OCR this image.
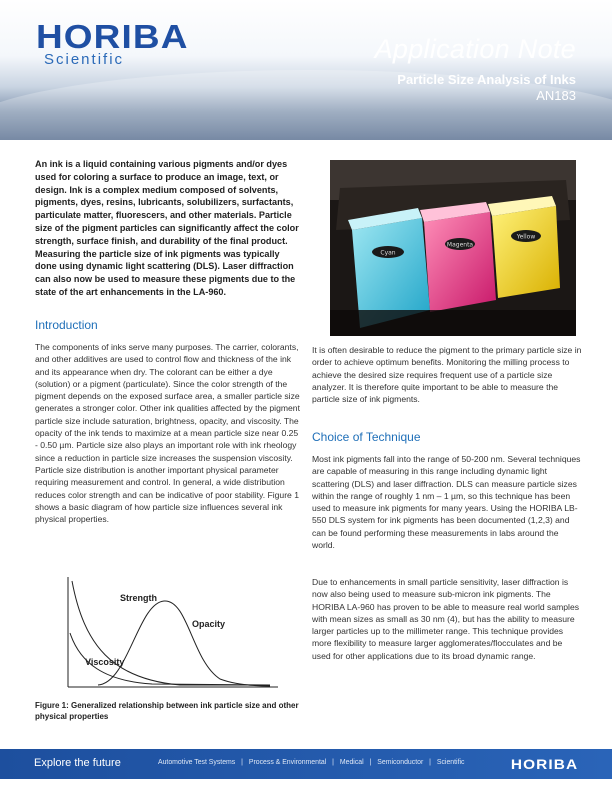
HORIBA
Scientific	Application Note
Particle Size Analysis of Inks
AN183

An ink is a liquid containing various pigments and/or dyes used for coloring a surface to produce an image, text, or design. Ink is a complex medium composed of solvents, pigments, dyes, resins, lubricants, solubilizers, surfactants, particulate matter, fluorescers, and other materials. Particle size of the pigment particles can significantly affect the color strength, surface finish, and durability of the final product. Measuring the particle size of ink pigments was typically done using dynamic light scattering (DLS). Laser diffraction can also now be used to measure these pigments due to the state of the art enhancements in the LA-960.

Cyan
Magenta
Yellow
Introduction

The components of inks serve many purposes. The carrier, colorants, and other additives are used to control flow and thickness of the ink and its appearance when dry. The colorant can be either a dye (solution) or a pigment (particulate). Since the color strength of the pigment depends on the exposed surface area, a smaller particle size generates a stronger color. Other ink qualities affected by the pigment particle size include saturation, brightness, opacity, and viscosity. The opacity of the ink tends to maximize at a mean particle size near 0.25 - 0.50 µm. Particle size also plays an important role with ink rheology since a reduction in particle size increases the suspension viscosity. Particle size distribution is another important physical parameter requiring measurement and control. In general, a wide distribution reduces color strength and can be indicative of poor stability. Figure 1 shows a basic diagram of how particle size influences several ink physical properties.

It is often desirable to reduce the pigment to the primary particle size in order to achieve optimum benefits. Monitoring the milling process to achieve the desired size requires frequent use of a particle size analyzer. It is therefore quite important to be able to measure the particle size of ink pigments.

Choice of Technique

Most ink pigments fall into the range of 50-200 nm. Several techniques are capable of measuring in this range including dynamic light scattering (DLS) and laser diffraction. DLS can measure particle sizes within the range of roughly 1 nm – 1 µm, so this technique has been used to measure ink pigments for many years. Using the HORIBA LB-550 DLS system for ink pigments has been documented (1,2,3) and can be found performing these measurements in labs around the world.

Due to enhancements in small particle sensitivity, laser diffraction is now also being used to measure sub-micron ink pigments. The HORIBA LA-960 has proven to be able to measure real world samples with mean sizes as small as 30 nm (4), but has the ability to measure larger particles up to the millimeter range. This technique provides more flexibility to measure larger agglomerates/flocculates and be used for other applications due to its broad dynamic range.

Strength
Opacity
Viscosity
Figure 1: Generalized relationship between ink particle size and other physical properties
Explore the future	Automotive Test Systems | Process & Environmental | Medical | Semiconductor | Scientific	HORIBA
